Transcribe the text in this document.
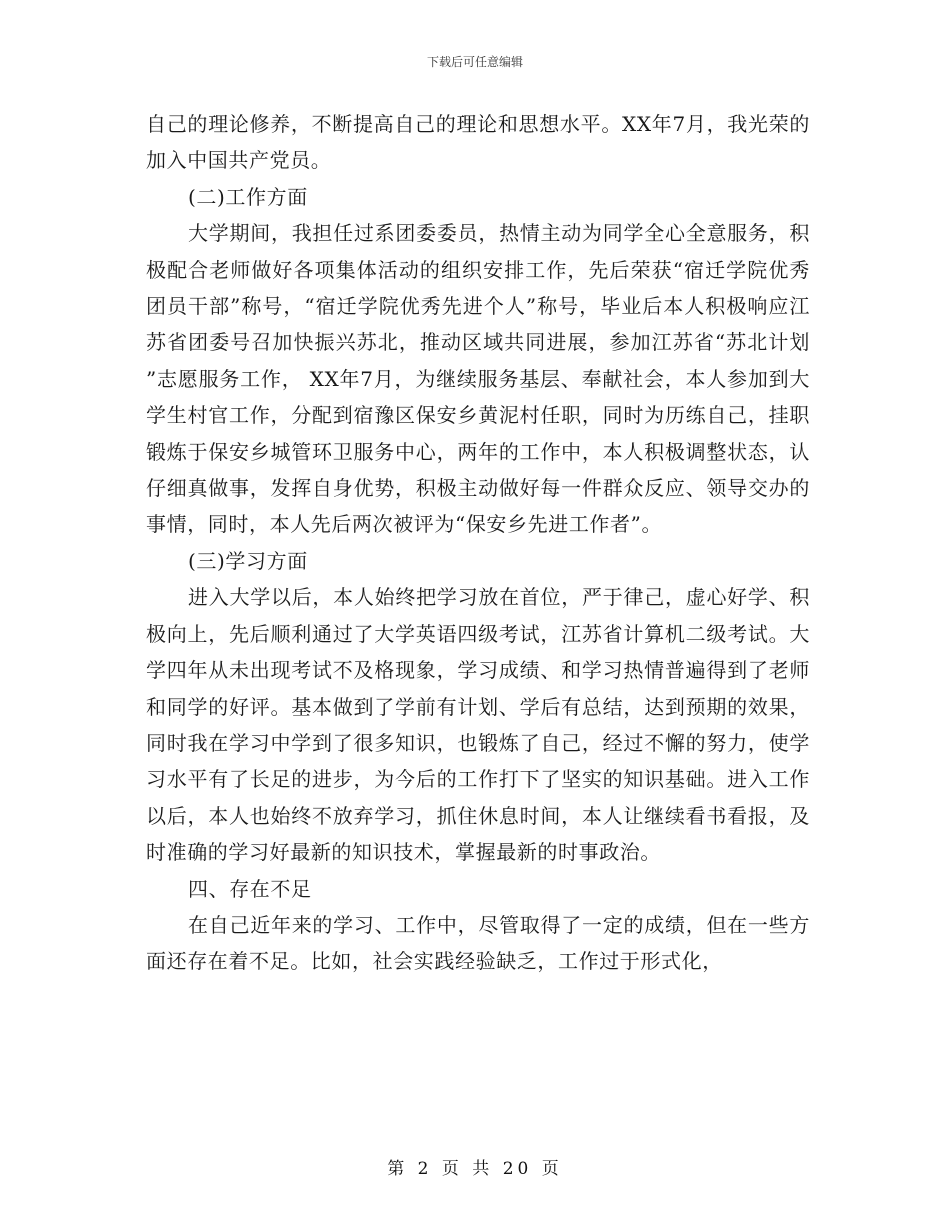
下载后可任意编辑

自己的理论修养，不断提高自己的理论和思想水平。XX年7月，我光荣的加入中国共产党员。

(二)工作方面

大学期间，我担任过系团委委员，热情主动为同学全心全意服务，积极配合老师做好各项集体活动的组织安排工作，先后荣获“宿迁学院优秀团员干部”称号，“宿迁学院优秀先进个人”称号，毕业后本人积极响应江苏省团委号召加快振兴苏北，推动区域共同进展，参加江苏省“苏北计划 ”志愿服务工作， XX年7月，为继续服务基层、奉献社会，本人参加到大学生村官工作，分配到宿豫区保安乡黄泥村任职，同时为历练自己，挂职锻炼于保安乡城管环卫服务中心，两年的工作中，本人积极调整状态，认仔细真做事，发挥自身优势，积极主动做好每一件群众反应、领导交办的事情，同时，本人先后两次被评为“保安乡先进工作者”。

(三)学习方面

进入大学以后，本人始终把学习放在首位，严于律己，虚心好学、积极向上，先后顺利通过了大学英语四级考试，江苏省计算机二级考试。大学四年从未出现考试不及格现象，学习成绩、和学习热情普遍得到了老师和同学的好评。基本做到了学前有计划、学后有总结，达到预期的效果，同时我在学习中学到了很多知识，也锻炼了自己，经过不懈的努力，使学习水平有了长足的进步，为今后的工作打下了坚实的知识基础。进入工作以后，本人也始终不放弃学习，抓住休息时间，本人让继续看书看报，及时准确的学习好最新的知识技术，掌握最新的时事政治。

四、存在不足

在自己近年来的学习、工作中，尽管取得了一定的成绩，但在一些方面还存在着不足。比如，社会实践经验缺乏，工作过于形式化，

第 2 页 共 20 页
